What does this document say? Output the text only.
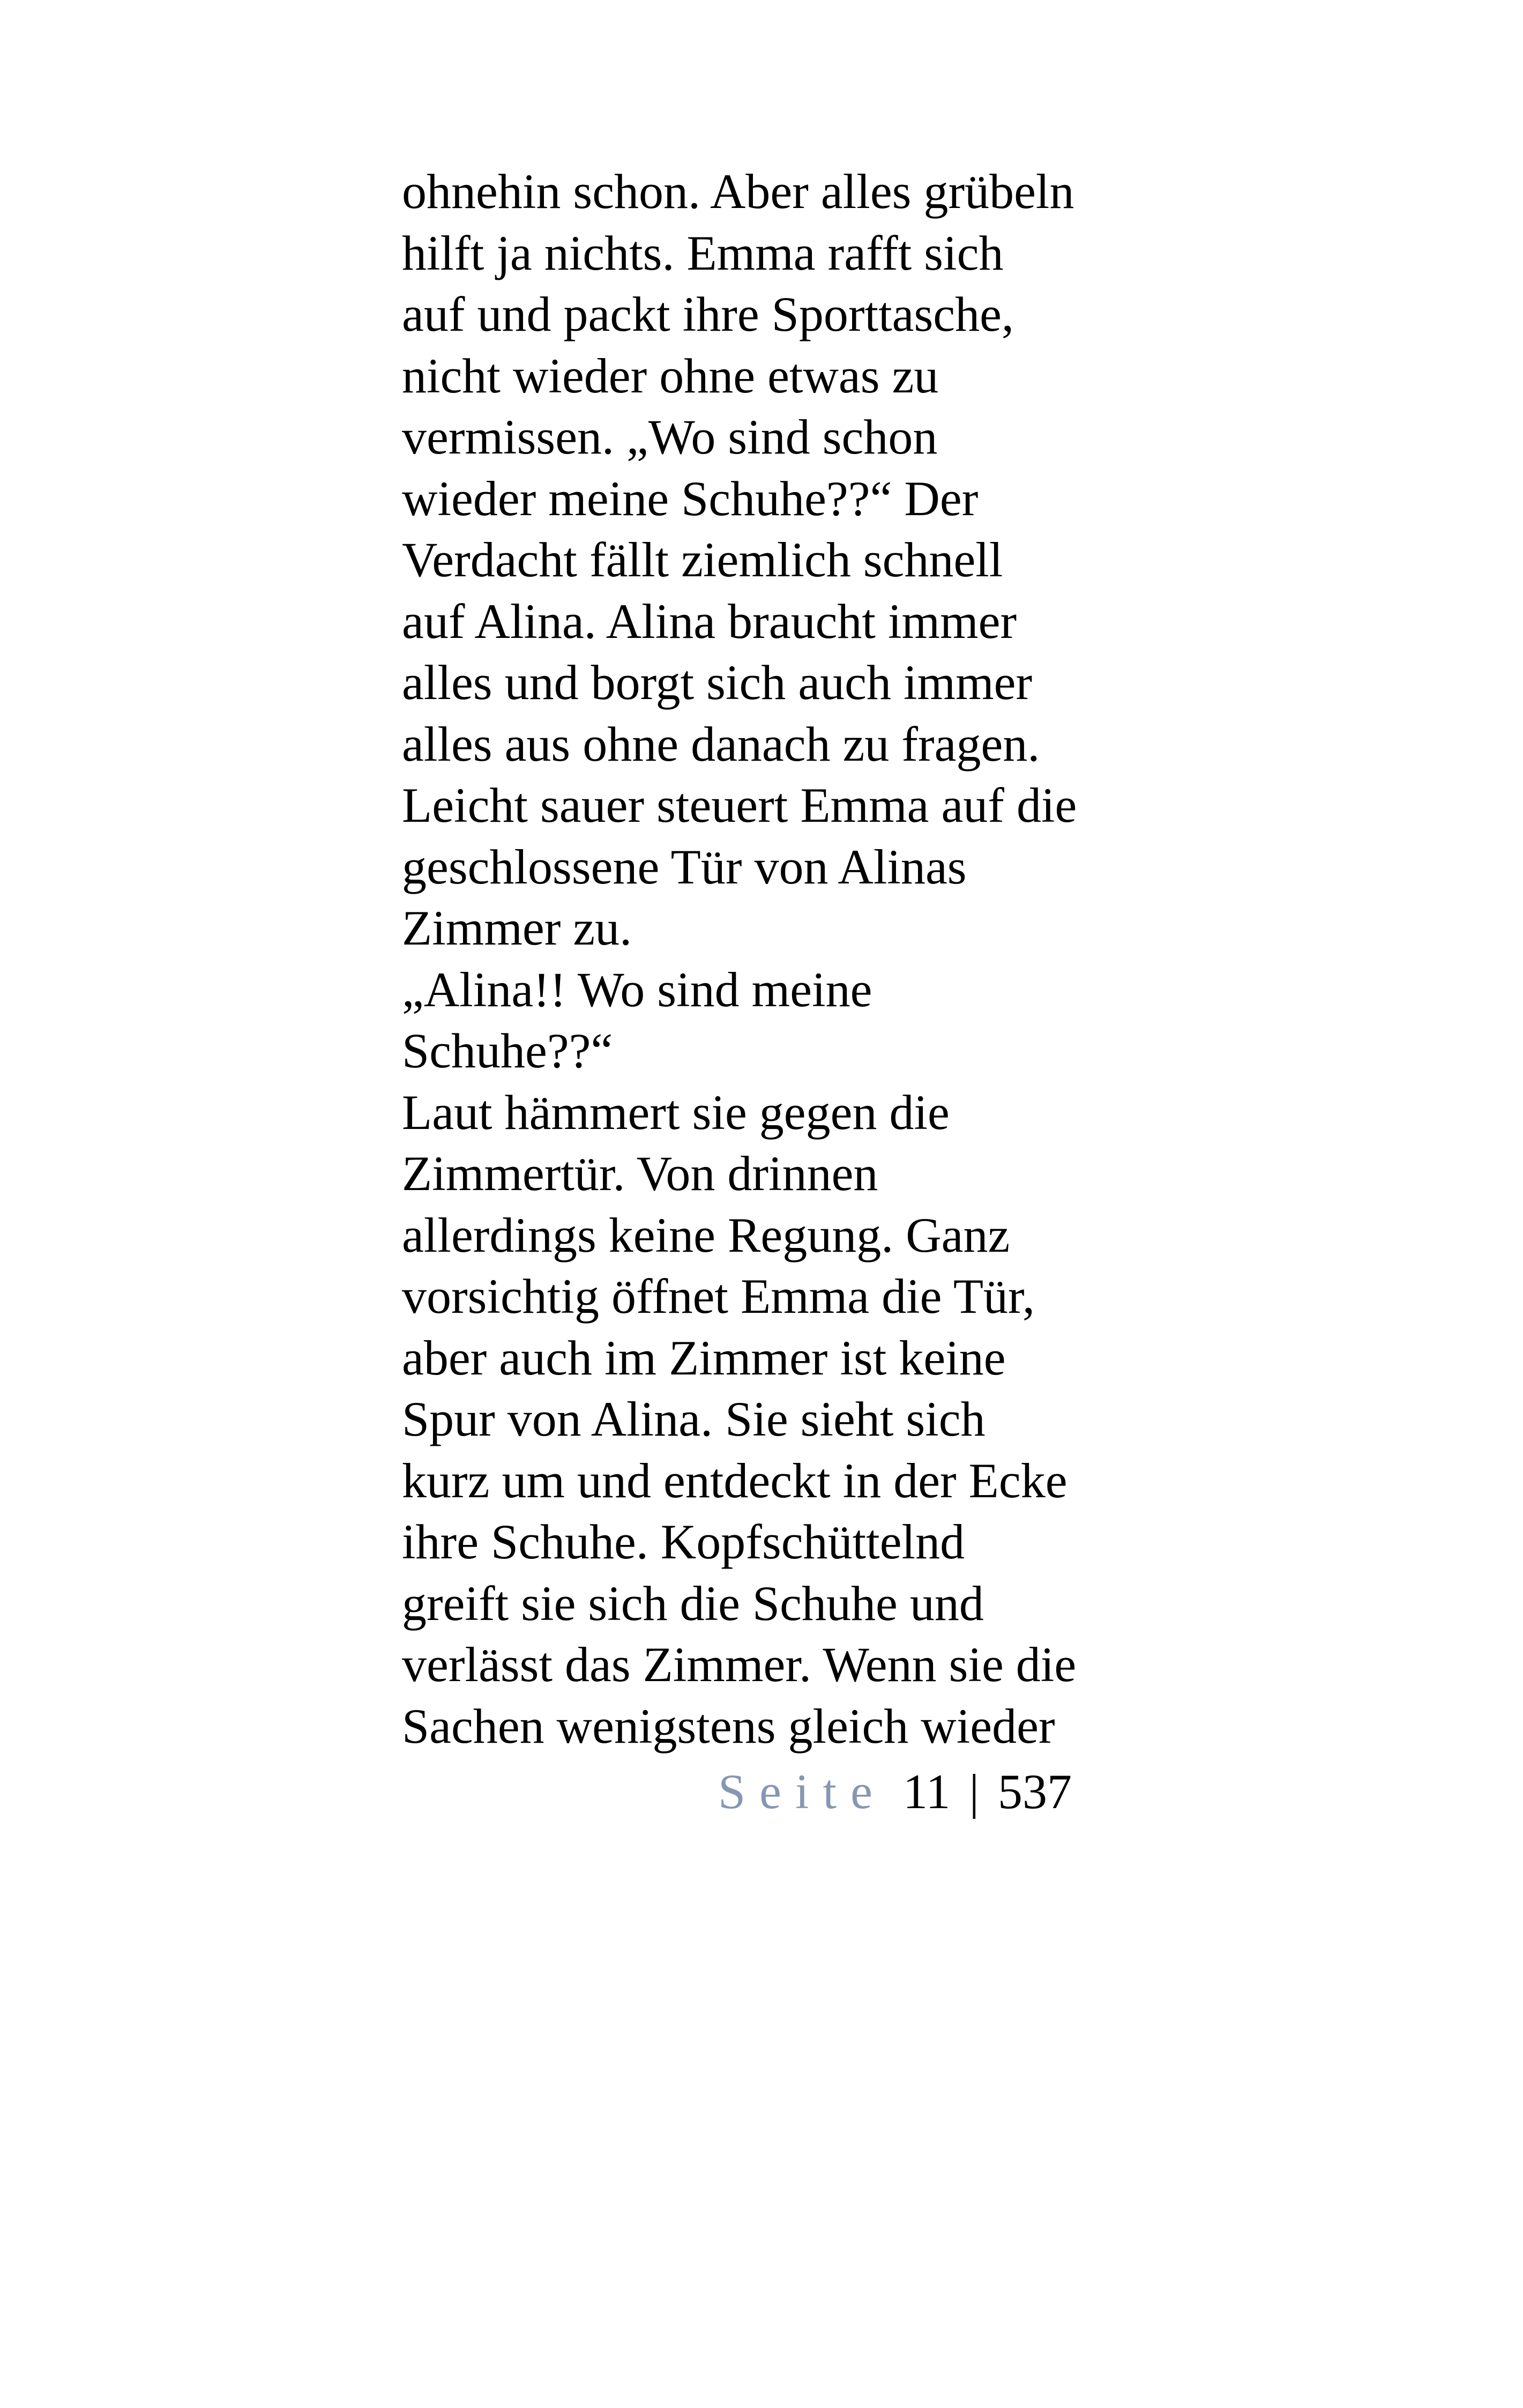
ohnehin schon. Aber alles grübeln
hilft ja nichts. Emma rafft sich
auf und packt ihre Sporttasche,
nicht wieder ohne etwas zu
vermissen. „Wo sind schon
wieder meine Schuhe??“ Der
Verdacht fällt ziemlich schnell
auf Alina. Alina braucht immer
alles und borgt sich auch immer
alles aus ohne danach zu fragen.
Leicht sauer steuert Emma auf die
geschlossene Tür von Alinas
Zimmer zu.
„Alina!! Wo sind meine
Schuhe??“
Laut hämmert sie gegen die
Zimmertür. Von drinnen
allerdings keine Regung. Ganz
vorsichtig öffnet Emma die Tür,
aber auch im Zimmer ist keine
Spur von Alina. Sie sieht sich
kurz um und entdeckt in der Ecke
ihre Schuhe. Kopfschüttelnd
greift sie sich die Schuhe und
verlässt das Zimmer. Wenn sie die
Sachen wenigstens gleich wieder
Seite 11 | 537
